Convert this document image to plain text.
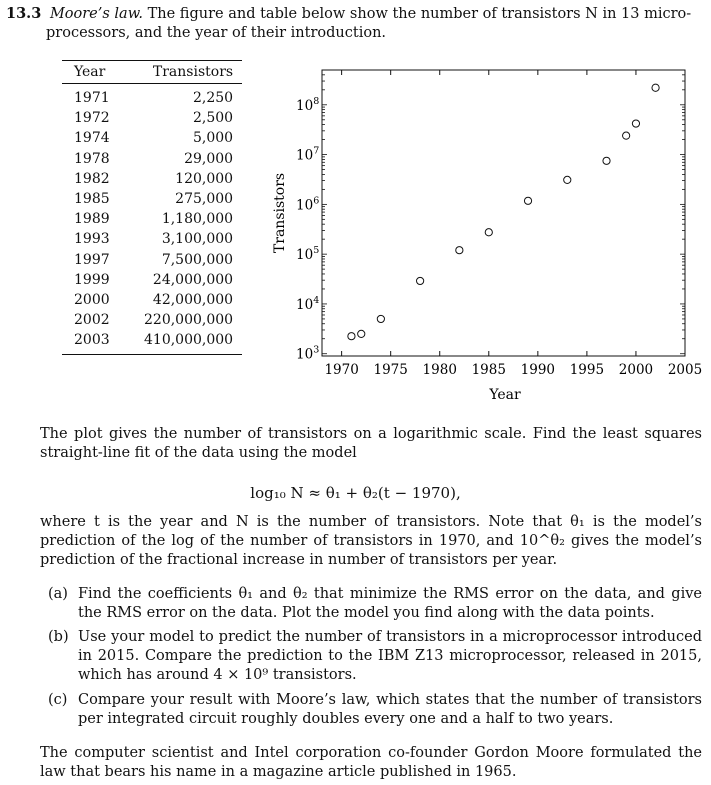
13.3 Moore’s law. The figure and table below show the number of transistors N in 13 micro-
processors, and the year of their introduction.
Year	Transistors
1971	2,250
1972	2,500
1974	5,000
1978	29,000
1982	120,000
1985	275,000
1989	1,180,000
1993	3,100,000
1997	7,500,000
1999	24,000,000
2000	42,000,000
2002	220,000,000
2003	410,000,000
1970 1975 1980 1985 1990 1995 2000 2005
$10^3$
$10^4$
$10^5$
$10^6$
$10^7$
$10^8$
Year
Transistors
The plot gives the number of transistors on a logarithmic scale. Find the least squares straight-line fit of the data using the model
log₁₀ N ≈ θ₁ + θ₂(t − 1970),
where t is the year and N is the number of transistors. Note that θ₁ is the model’s prediction of the log of the number of transistors in 1970, and 10^θ₂ gives the model’s prediction of the fractional increase in number of transistors per year.
(a) Find the coefficients θ₁ and θ₂ that minimize the RMS error on the data, and give the RMS error on the data. Plot the model you find along with the data points.
(b) Use your model to predict the number of transistors in a microprocessor introduced in 2015. Compare the prediction to the IBM Z13 microprocessor, released in 2015, which has around 4 × 10⁹ transistors.
(c) Compare your result with Moore’s law, which states that the number of transistors per integrated circuit roughly doubles every one and a half to two years.
The computer scientist and Intel corporation co-founder Gordon Moore formulated the law that bears his name in a magazine article published in 1965.
